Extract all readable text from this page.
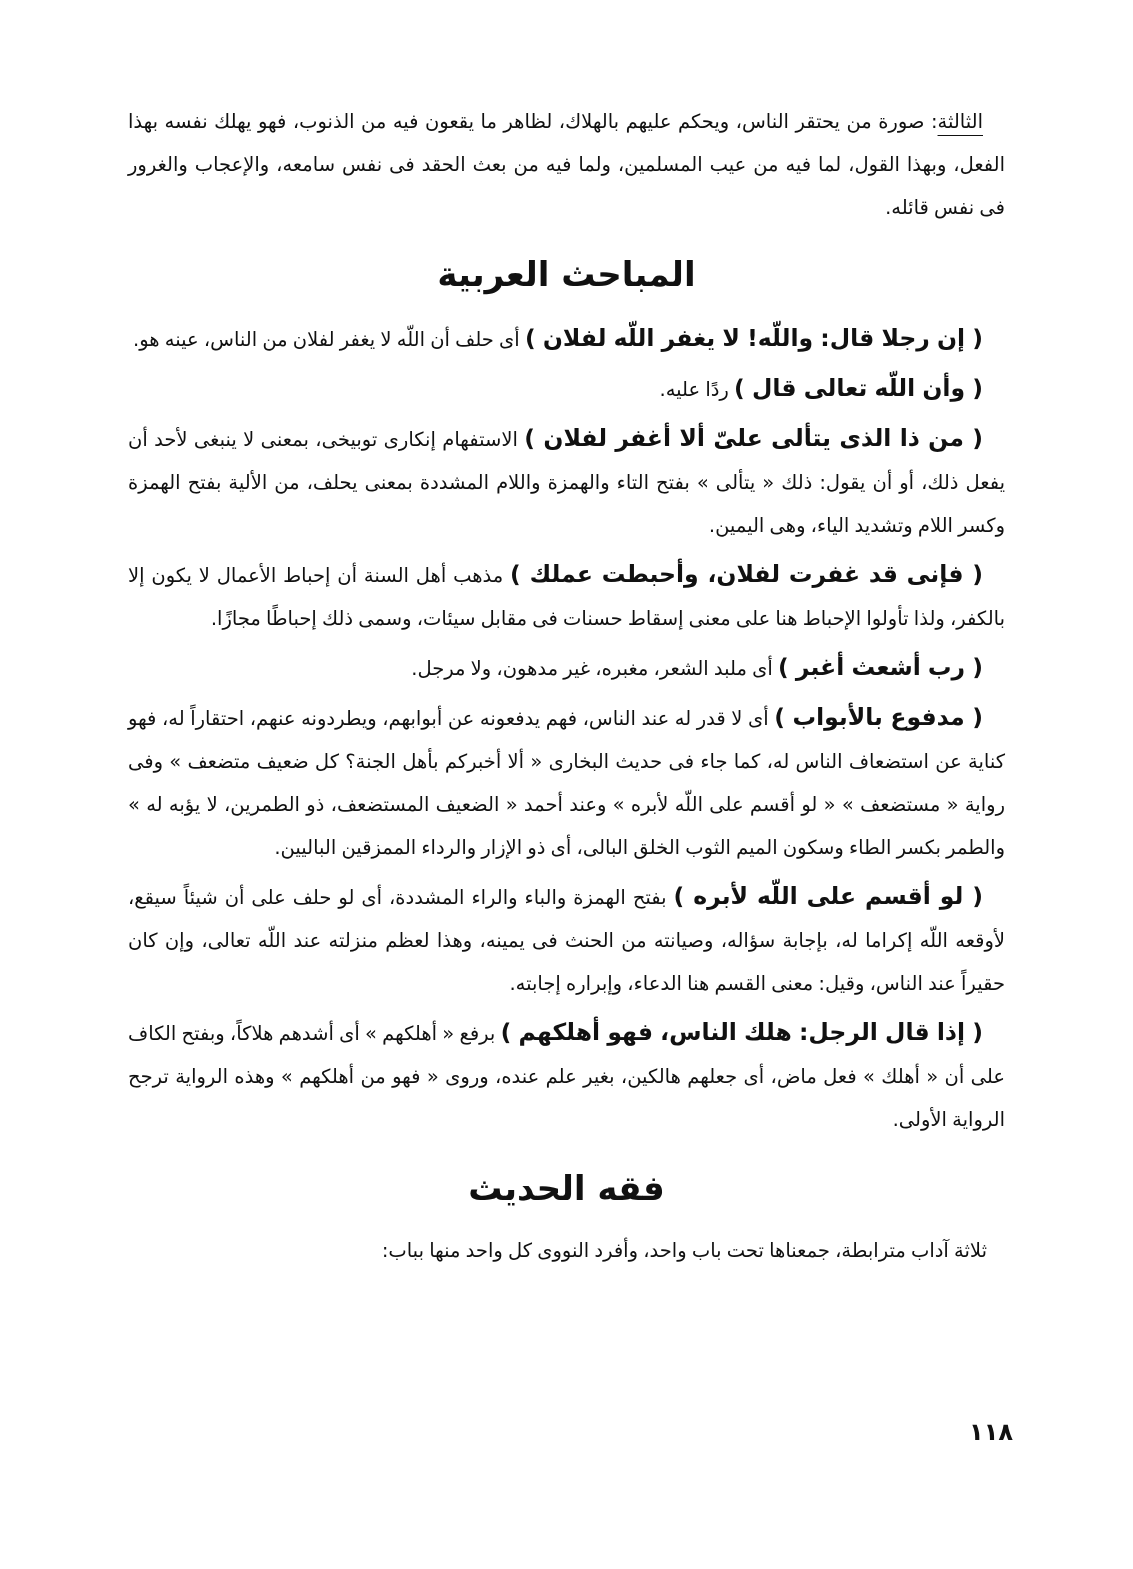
الثالثة: صورة من يحتقر الناس، ويحكم عليهم بالهلاك، لظاهر ما يقعون فيه من الذنوب، فهو يهلك نفسه بهذا الفعل، وبهذا القول، لما فيه من عيب المسلمين، ولما فيه من بعث الحقد فى نفس سامعه، والإعجاب والغرور فى نفس قائله.

المباحث العربية

( إن رجلا قال: واللّه! لا يغفر اللّه لفلان ) أى حلف أن اللّه لا يغفر لفلان من الناس، عينه هو.

( وأن اللّه تعالى قال ) ردًا عليه.

( من ذا الذى يتألى علىّ ألا أغفر لفلان ) الاستفهام إنكارى توبيخى، بمعنى لا ينبغى لأحد أن يفعل ذلك، أو أن يقول: ذلك « يتألى » بفتح التاء والهمزة واللام المشددة بمعنى يحلف، من الألية بفتح الهمزة وكسر اللام وتشديد الياء، وهى اليمين.

( فإنى قد غفرت لفلان، وأحبطت عملك ) مذهب أهل السنة أن إحباط الأعمال لا يكون إلا بالكفر، ولذا تأولوا الإحباط هنا على معنى إسقاط حسنات فى مقابل سيئات، وسمى ذلك إحباطًا مجازًا.

( رب أشعث أغبر ) أى ملبد الشعر، مغبره، غير مدهون، ولا مرجل.

( مدفوع بالأبواب ) أى لا قدر له عند الناس، فهم يدفعونه عن أبوابهم، ويطردونه عنهم، احتقاراً له، فهو كناية عن استضعاف الناس له، كما جاء فى حديث البخارى « ألا أخبركم بأهل الجنة؟ كل ضعيف متضعف » وفى رواية « مستضعف » « لو أقسم على اللّه لأبره » وعند أحمد « الضعيف المستضعف، ذو الطمرين، لا يؤبه له » والطمر بكسر الطاء وسكون الميم الثوب الخلق البالى، أى ذو الإزار والرداء الممزقين الباليين.

( لو أقسم على اللّه لأبره ) بفتح الهمزة والباء والراء المشددة، أى لو حلف على أن شيئاً سيقع، لأوقعه اللّه إكراما له، بإجابة سؤاله، وصيانته من الحنث فى يمينه، وهذا لعظم منزلته عند اللّه تعالى، وإن كان حقيراً عند الناس، وقيل: معنى القسم هنا الدعاء، وإبراره إجابته.

( إذا قال الرجل: هلك الناس، فهو أهلكهم ) برفع « أهلكهم » أى أشدهم هلاكاً، وبفتح الكاف على أن « أهلك » فعل ماض، أى جعلهم هالكين، بغير علم عنده، وروى « فهو من أهلكهم » وهذه الرواية ترجح الرواية الأولى.

فقه الحديث

ثلاثة آداب مترابطة، جمعناها تحت باب واحد، وأفرد النووى كل واحد منها بباب:

١١٨
